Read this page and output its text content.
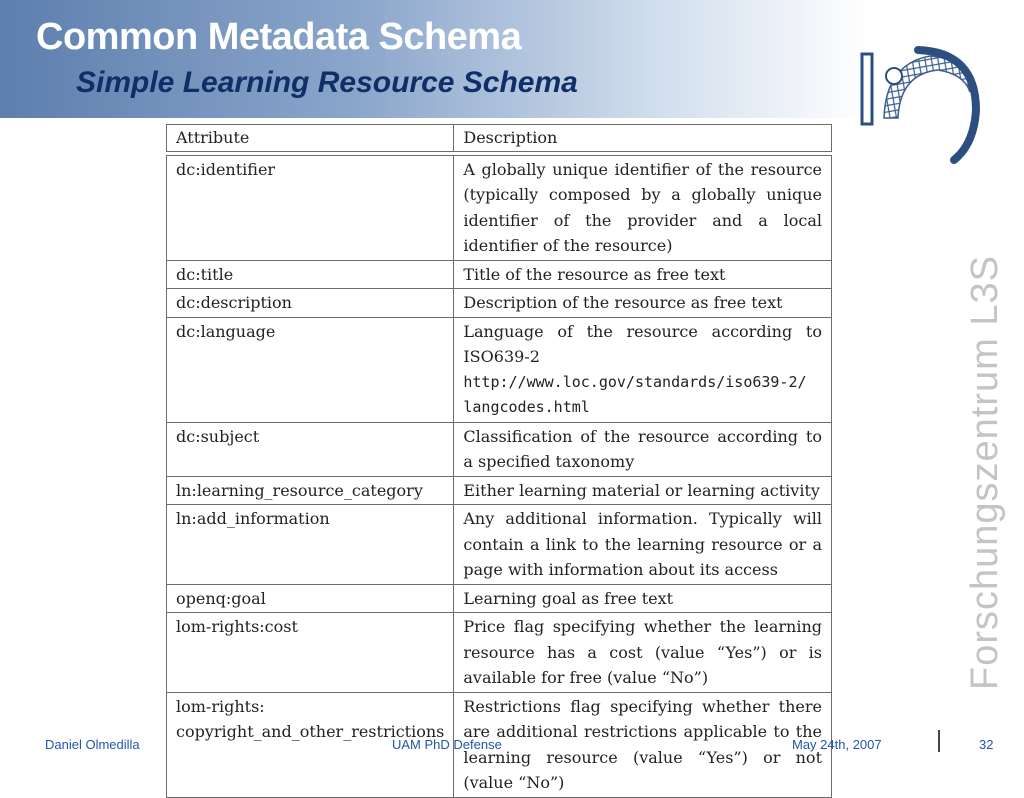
Common Metadata Schema
Simple Learning Resource Schema
Forschungszentrum L3S
Attribute	Description

dc:identifier	A globally unique identifier of the resource (typically composed by a globally unique identifier of the provider and a local identifier of the resource)
dc:title	Title of the resource as free text
dc:description	Description of the resource as free text
dc:language	Language of the resource according to ISO639-2
http://www.loc.gov/standards/iso639-2/
langcodes.html

dc:subject	Classification of the resource according to a specified taxonomy
ln:learning_resource_category	Either learning material or learning activity
ln:add_information	Any additional information. Typically will contain a link to the learning resource or a page with information about its access
openq:goal	Learning goal as free text
lom-rights:cost	Price flag specifying whether the learning resource has a cost (value “Yes”) or is available for free (value “No”)
lom-rights: copyright_and_other_restrictions	Restrictions flag specifying whether there are additional restrictions applicable to the learning resource (value “Yes”) or not (value “No”)
Daniel Olmedilla	UAM PhD Defense	May 24th, 2007	32
